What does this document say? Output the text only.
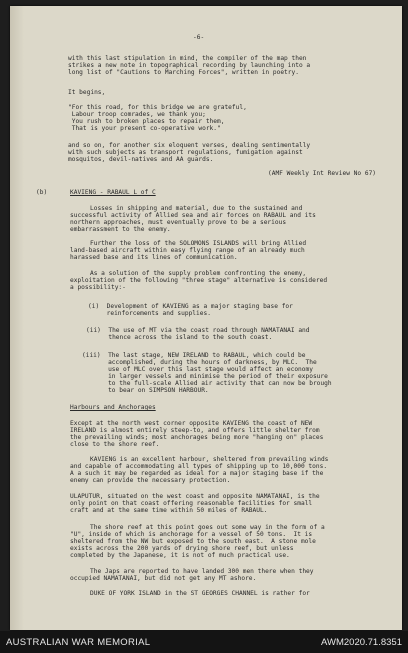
-6-
with this last stipulation in mind, the compiler of the map then
strikes a new note in topographical recording by launching into a
long list of "Cautions to Marching Forces", written in poetry.
It begins,
"For this road, for this bridge we are grateful,
Labour troop comrades, we thank you;
You rush to broken places to repair them,
That is your present co-operative work."
and so on, for another six eloquent verses, dealing sentimentally
with such subjects as transport regulations, fumigation against
mosquitos, devil-natives and AA guards.
(AMF Weekly Int Review No 67)
(b)	KAVIENG - RABAUL L of C
Losses in shipping and material, due to the sustained and
successful activity of Allied sea and air forces on RABAUL and its
northern approaches, must eventually prove to be a serious
embarrassment to the enemy.
Further the loss of the SOLOMONS ISLANDS will bring Allied
land-based aircraft within easy flying range of an already much
harassed base and its lines of communication.
As a solution of the supply problem confronting the enemy,
exploitation of the following "three stage" alternative is considered
a possibility:-
(i)  Development of KAVIENG as a major staging base for
reinforcements and supplies.
(ii)  The use of MT via the coast road through NAMATANAI and
thence across the island to the south coast.
(iii)  The last stage, NEW IRELAND to RABAUL, which could be
accomplished, during the hours of darkness, by MLC.  The
use of MLC over this last stage would affect an economy
in larger vessels and minimise the period of their exposure
to the full-scale Allied air activity that can now be brough
to bear on SIMPSON HARBOUR.
Harbours and Anchorages
Except at the north west corner opposite KAVIENG the coast of NEW
IRELAND is almost entirely steep-to, and offers little shelter from
the prevailing winds; most anchorages being more "hanging on" places
close to the shore reef.
KAVIENG is an excellent harbour, sheltered from prevailing winds
and capable of accommodating all types of shipping up to 10,000 tons.
A a such it may be regarded as ideal for a major staging base if the
enemy can provide the necessary protection.
ULAPUTUR, situated on the west coast and opposite NAMATANAI, is the
only point on that coast offering reasonable facilities for small
craft and at the same time within 50 miles of RABAUL.
The shore reef at this point goes out some way in the form of a
"U", inside of which is anchorage for a vessel of 50 tons.  It is
sheltered from the NW but exposed to the south east.  A stone mole
exists across the 200 yards of drying shore reef, but unless
completed by the Japanese, it is not of much practical use.
The Japs are reported to have landed 300 men there when they
occupied NAMATANAI, but did not get any MT ashore.
DUKE OF YORK ISLAND in the ST GEORGES CHANNEL is rather for
AUSTRALIAN WAR MEMORIAL	AWM2020.71.8351
